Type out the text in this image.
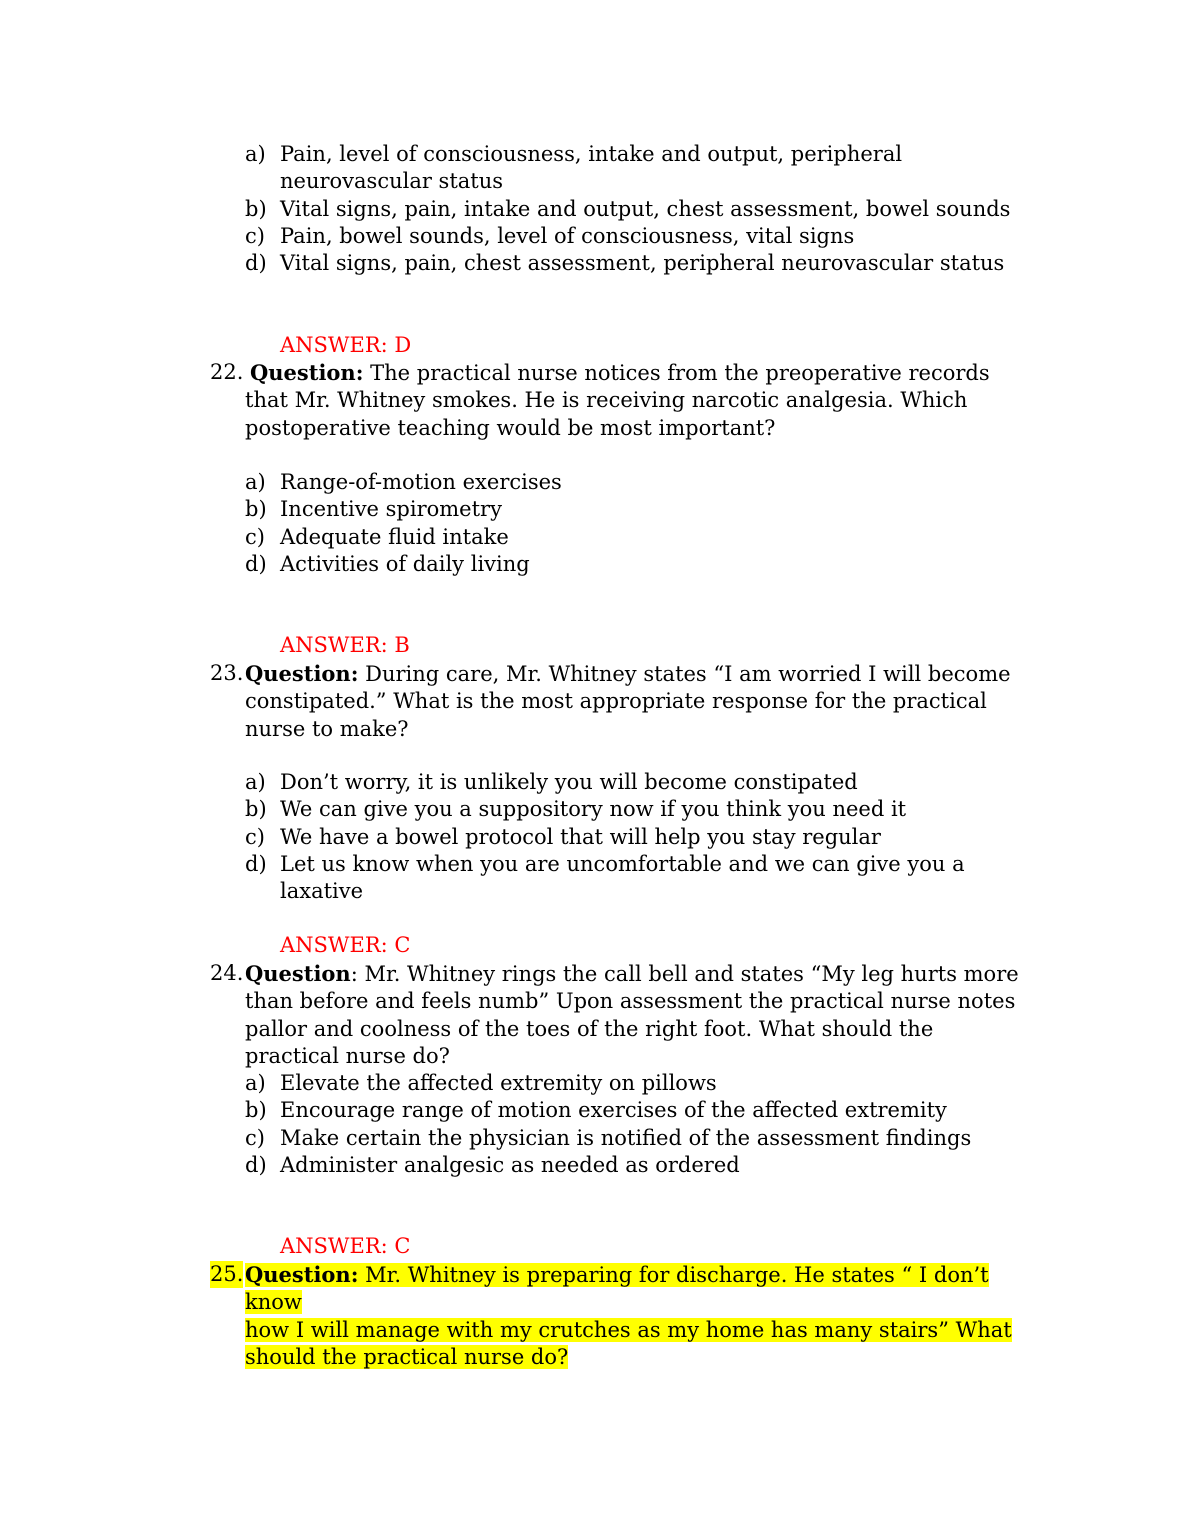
a) Pain, level of consciousness, intake and output, peripheral neurovascular status
b) Vital signs, pain, intake and output, chest assessment, bowel sounds
c) Pain, bowel sounds, level of consciousness, vital signs
d) Vital signs, pain, chest assessment, peripheral neurovascular status
ANSWER: D
22. Question: The practical nurse notices from the preoperative records that Mr. Whitney smokes. He is receiving narcotic analgesia. Which postoperative teaching would be most important?
a) Range-of-motion exercises
b) Incentive spirometry
c) Adequate fluid intake
d) Activities of daily living
ANSWER: B
23. Question: During care, Mr. Whitney states “I am worried I will become constipated.” What is the most appropriate response for the practical nurse to make?
a) Don’t worry, it is unlikely you will become constipated
b) We can give you a suppository now if you think you need it
c) We have a bowel protocol that will help you stay regular
d) Let us know when you are uncomfortable and we can give you a laxative
ANSWER: C
24. Question: Mr. Whitney rings the call bell and states “My leg hurts more than before and feels numb” Upon assessment the practical nurse notes pallor and coolness of the toes of the right foot. What should the practical nurse do?
a) Elevate the affected extremity on pillows
b) Encourage range of motion exercises of the affected extremity
c) Make certain the physician is notified of the assessment findings
d) Administer analgesic as needed as ordered
ANSWER: C
25. Question: Mr. Whitney is preparing for discharge. He states “ I don’t know
how I will manage with my crutches as my home has many stairs” What
should the practical nurse do?
